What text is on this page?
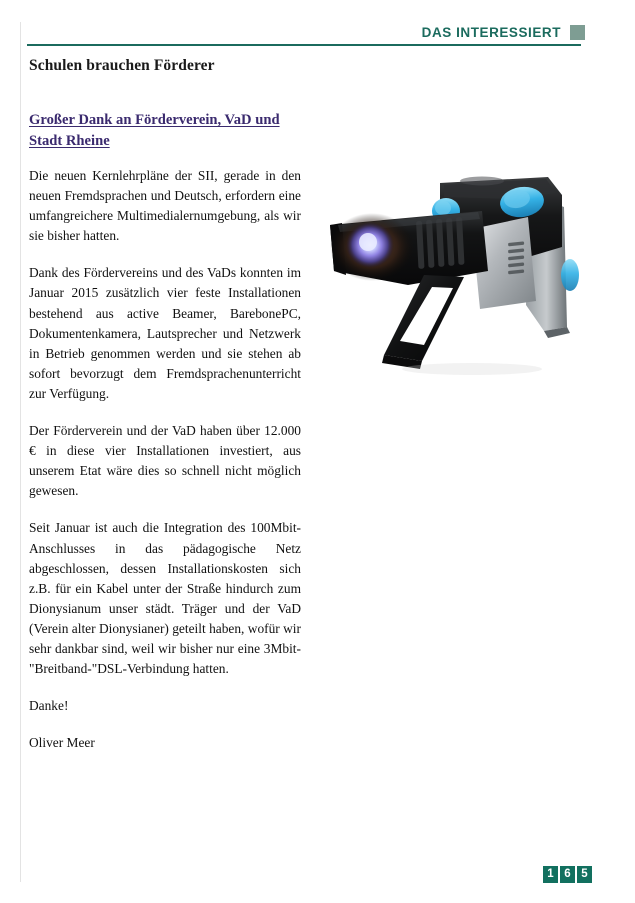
DAS INTERESSIERT
Schulen brauchen Förderer
Großer Dank an Förderverein, VaD und
Stadt Rheine

Die neuen Kernlehrpläne der SII, gerade in den neuen Fremdsprachen und Deutsch, erfordern eine umfangreichere Multimedialernumgebung, als wir sie bisher hatten.

Dank des Fördervereins und des VaDs konnten im Januar 2015 zusätzlich vier feste Installationen bestehend aus active Beamer, BarebonePC, Dokumentenkamera, Lautsprecher und Netzwerk in Betrieb genommen werden und sie stehen ab sofort bevorzugt dem Fremdsprachenunterricht zur Verfügung.

Der Förderverein und der VaD haben über 12.000 € in diese vier Installationen investiert, aus unserem Etat wäre dies so schnell nicht möglich gewesen.

Seit Januar ist auch die Integration des 100Mbit-Anschlusses in das pädagogische Netz abgeschlossen, dessen Installationskosten sich z.B. für ein Kabel unter der Straße hindurch zum Dionysianum unser städt. Träger und der VaD (Verein alter Dionysianer) geteilt haben, wofür wir sehr dankbar sind, weil wir bisher nur eine 3Mbit-"Breitband-"DSL-Verbindung hatten.

Danke!

Oliver Meer

1 6 5
